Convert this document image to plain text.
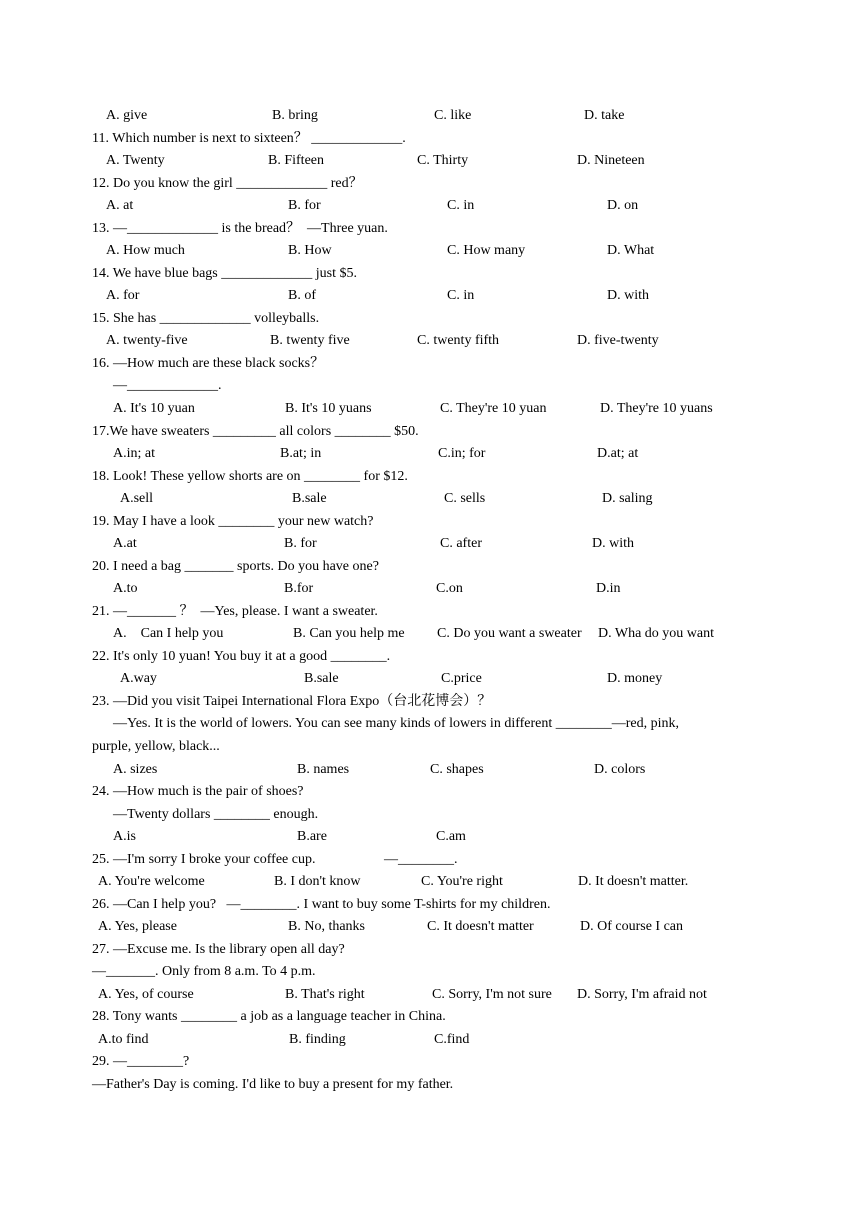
A. give	B. bring	C. like	D. take
11. Which number is next to sixteen？ _____________.
A. Twenty	B. Fifteen	C. Thirty	D. Nineteen
12. Do you know the girl _____________ red？
A. at	B. for	C. in	D. on
13. —_____________ is the bread？  —Three yuan.
A. How much	B. How	C. How many	D. What
14. We have blue bags _____________ just $5.
A. for	B. of	C. in	D. with
15. She has _____________ volleyballs.
A. twenty-five	B. twenty five	C. twenty fifth	D. five-twenty
16. —How much are these black socks？
—_____________.
A. It's 10 yuan	B. It's 10 yuans	C. They're 10 yuan	D. They're 10 yuans
17.We have sweaters _________ all colors ________ $50.
A.in; at	B.at; in	C.in; for	D.at; at
18. Look! These yellow shorts are on ________ for $12.
A.sell	B.sale	C. sells	D. saling
19. May I have a look ________ your new watch?
A.at	B. for	C. after	D. with
20. I need a bag _______ sports. Do you have one?
A.to	B.for	C.on	D.in
21. —_______ ？  —Yes, please. I want a sweater.
A.    Can I help you	B. Can you help me C. Do you want a sweater D. Wha do you want
22. It's only 10 yuan! You buy it at a good ________.
A.way	B.sale	C.price	D. money
23. —Did you visit Taipei International Flora Expo（台北花博会）？
—Yes. It is the world of lowers. You can see many kinds of lowers in different ________—red, pink,
purple, yellow, black...
A. sizes	B. names	C. shapes	D. colors
24. —How much is the pair of shoes?
—Twenty dollars ________ enough.
A.is	B.are	C.am
25. —I'm sorry I broke your coffee cup.	—________.
A. You're welcome	B. I don't know	C. You're right	D. It doesn't matter.
26. —Can I help you?   —________. I want to buy some T-shirts for my children.
A. Yes, please	B. No, thanks	C. It doesn't matter	D. Of course I can
27. —Excuse me. Is the library open all day?
—_______. Only from 8 a.m. To 4 p.m.
A. Yes, of course	B. That's right	C. Sorry, I'm not sure D. Sorry, I'm afraid not
28. Tony wants ________ a job as a language teacher in China.
A.to find	B. finding	C.find
29. —________?
—Father's Day is coming. I'd like to buy a present for my father.
